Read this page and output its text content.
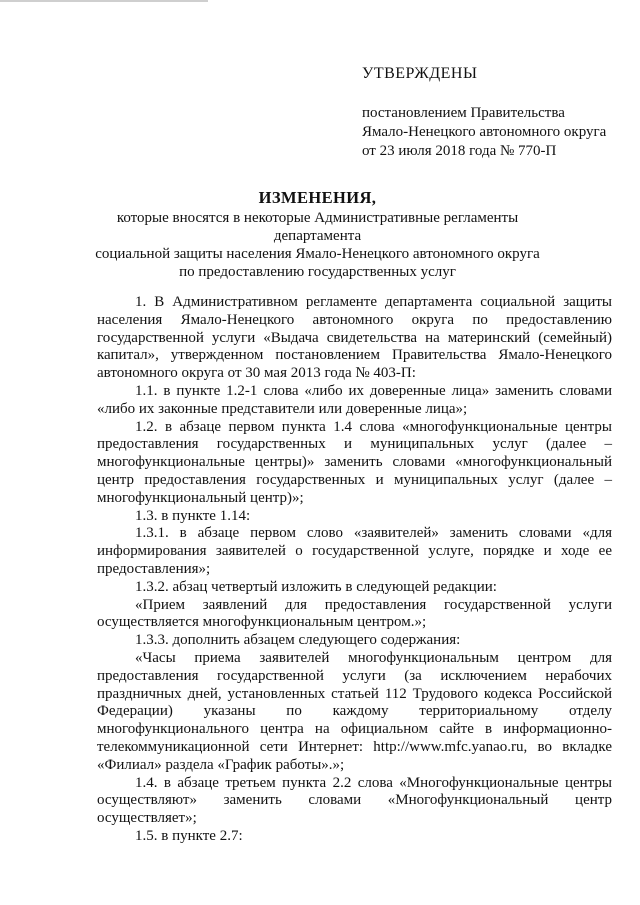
УТВЕРЖДЕНЫ
постановлением Правительства
Ямало-Ненецкого автономного округа
от 23 июля 2018 года № 770-П
ИЗМЕНЕНИЯ,
которые вносятся в некоторые Административные регламенты департамента
социальной защиты населения Ямало-Ненецкого автономного округа
по предоставлению государственных услуг

1. В Административном регламенте департамента социальной защиты населения Ямало-Ненецкого автономного округа по предоставлению государственной услуги «Выдача свидетельства на материнский (семейный) капитал», утвержденном постановлением Правительства Ямало-Ненецкого автономного округа от 30 мая 2013 года № 403-П:

1.1. в пункте 1.2-1 слова «либо их доверенные лица» заменить словами «либо их законные представители или доверенные лица»;

1.2. в абзаце первом пункта 1.4 слова «многофункциональные центры предоставления государственных и муниципальных услуг (далее – многофункциональные центры)» заменить словами «многофункциональный центр предоставления государственных и муниципальных услуг (далее – многофункциональный центр)»;

1.3. в пункте 1.14:

1.3.1. в абзаце первом слово «заявителей» заменить словами «для информирования заявителей о государственной услуге, порядке и ходе ее предоставления»;

1.3.2. абзац четвертый изложить в следующей редакции:

«Прием заявлений для предоставления государственной услуги осуществляется многофункциональным центром.»;

1.3.3. дополнить абзацем следующего содержания:

«Часы приема заявителей многофункциональным центром для предоставления государственной услуги (за исключением нерабочих праздничных дней, установленных статьей 112 Трудового кодекса Российской Федерации) указаны по каждому территориальному отделу многофункционального центра на официальном сайте в информационно-телекоммуникационной сети Интернет: http://www.mfc.yanao.ru, во вкладке «Филиал» раздела «График работы».»;

1.4. в абзаце третьем пункта 2.2 слова «Многофункциональные центры осуществляют» заменить словами «Многофункциональный центр осуществляет»;

1.5. в пункте 2.7:
